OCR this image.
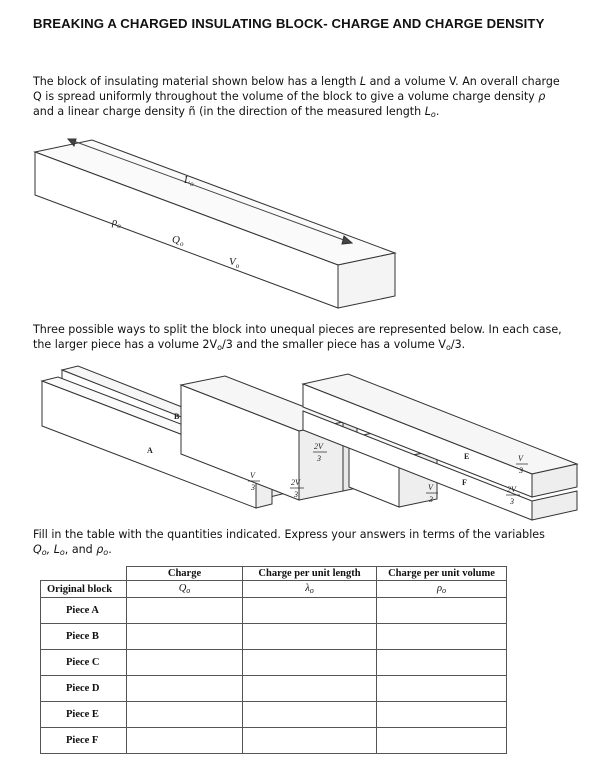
BREAKING A CHARGED INSULATING BLOCK- CHARGE AND CHARGE DENSITY
The block of insulating material shown below has a length L and a volume V. An overall charge
Q is spread uniformly throughout the volume of the block to give a volume charge density ρ
and a linear charge density ñ (in the direction of the measured length $L_o$.
$L_o$
$\rho_o$
$Q_o$
$V_o$
A
B
E
F
V
3
2V
3
2V
3
V
3
V
3
2V
3
Three possible ways to split the block into unequal pieces are represented below. In each case,
the larger piece has a volume $2V_o/3$ and the smaller piece has a volume $V_o/3$.
Fill in the table with the quantities indicated. Express your answers in terms of the variables
$Q_o$, $L_o$, and $\rho_o$.
	Charge	Charge per unit length	Charge per unit volume
Original block	$Q_o$	$\lambda_o$	$\rho_o$
Piece A			
Piece B			
Piece C			
Piece D			
Piece E			
Piece F			
